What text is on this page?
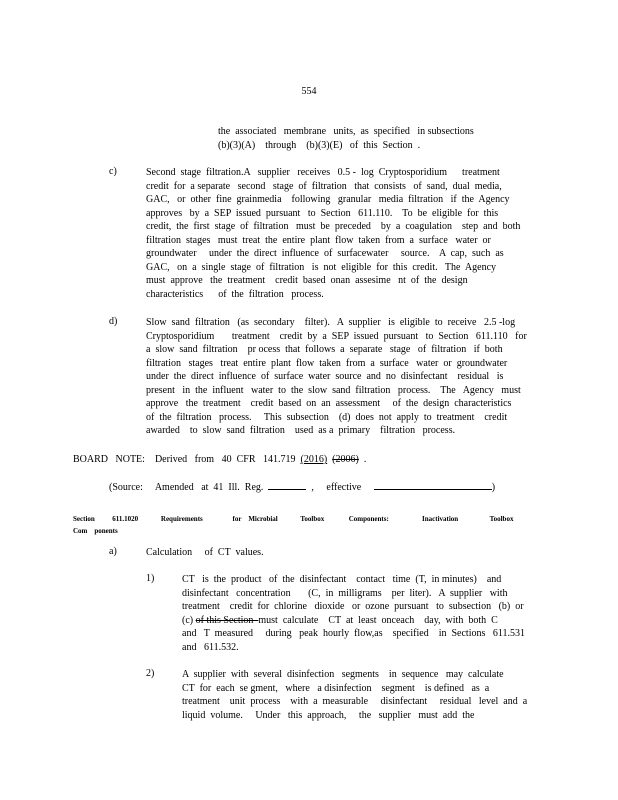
554

the  associated   membrane   units,  as  specified   in subsections

(b)(3)(A)    through    (b)(3)(E)   of  this  Section  .

c)	Second  stage  filtration.A   supplier   receives   0.5 -  log  Cryptosporidium      treatment

credit  for  a separate   second   stage  of  filtration   that  consists   of  sand,  dual  media,

GAC,   or  other  fine  grainmedia    following   granular   media  filtration   if  the  Agency

approves   by  a  SEP  issued  pursuant   to  Section   611.110.    To  be  eligible  for  this

credit,  the  first  stage  of  filtration   must  be  preceded    by  a  coagulation    step  and  both

filtration  stages   must  treat  the  entire  plant  flow  taken  from  a  surface   water  or

groundwater     under  the  direct  influence  of  surfacewater     source.    A  cap,  such  as

GAC,   on  a  single  stage  of  filtration   is  not  eligible  for  this  credit.   The  Agency

must  approve   the  treatment    credit  based  onan  assesime   nt  of  the  design

characteristics      of  the  filtration   process.

d)	Slow  sand  filtration   (as  secondary    filter).   A  supplier   is  eligible  to  receive   2.5 -log

Cryptosporidium       treatment    credit  by  a  SEP  issued  pursuant   to  Section   611.110   for

a  slow  sand  filtration    pr ocess  that  follows  a  separate   stage   of  filtration   if  both

filtration   stages   treat  entire  plant  flow  taken  from  a  surface   water  or  groundwater

under  the  direct  influence  of  surface  water  source  and  no  disinfectant    residual   is

present   in  the  influent   water  to  the  slow  sand  filtration   process.    The   Agency   must

approve   the  treatment    credit  based  on  an  assessment     of  the  design  characteristics

of  the  filtration   process.     This  subsection    (d)  does  not  apply  to  treatment    credit

awarded    to  slow  sand  filtration    used  as a  primary    filtration   process.

BOARD   NOTE:    Derived   from   40  CFR   141.719  (2016) (2006)  .

(Source:     Amended   at  41  Ill.  Reg.	,     effective	)

Section          611.1020             Requirements                 for    Microbial             Toolbox              Components:                   Inactivation                  Toolbox

Com    ponents

a)	Calculation     of  CT  values.

1)	CT   is  the  product   of  the  disinfectant    contact   time  (T,  in minutes)    and

disinfectant   concentration       (C,  in  milligrams    per  liter).   A  supplier   with

treatment    credit  for  chlorine   dioxide   or  ozone  pursuant   to  subsection   (b)  or

(c) of this Section  must  calculate    CT  at  least  onceach    day,  with  both  C

and   T  measured     during   peak  hourly  flow,as    specified    in  Sections   611.531

and   611.532.

2)	A  supplier  with  several  disinfection   segments    in  sequence   may  calculate

CT  for  each  se gment,   where   a disinfection    segment    is defined   as  a

treatment    unit  process    with  a  measurable     disinfectant     residual   level  and  a

liquid  volume.     Under   this  approach,     the   supplier   must  add  the
